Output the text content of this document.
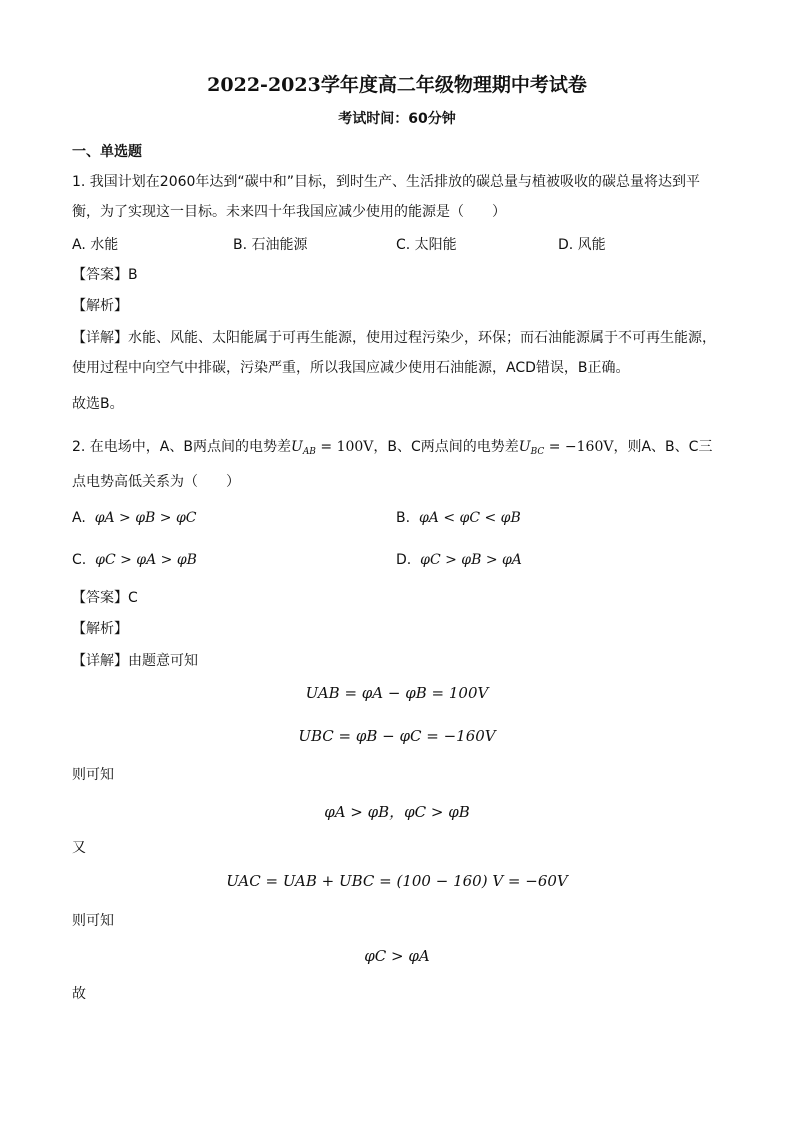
2022-2023学年度高二年级物理期中考试卷
考试时间：60分钟
一、单选题
1. 我国计划在2060年达到“碳中和”目标，到时生产、生活排放的碳总量与植被吸收的碳总量将达到平
衡，为了实现这一目标。未来四十年我国应减少使用的能源是（　　）
A. 水能	B. 石油能源	C. 太阳能	D. 风能
【答案】B
【解析】
【详解】水能、风能、太阳能属于可再生能源，使用过程污染少，环保；而石油能源属于不可再生能源，
使用过程中向空气中排碳，污染严重，所以我国应减少使用石油能源，ACD错误，B正确。
故选B。
2. 在电场中，A、B两点间的电势差$U_{AB} = 100V$，B、C两点间的电势差$U_{BC} = -160V$，则A、B、C三
点电势高低关系为（　　）
A. φA > φB > φC	B. φA < φC < φB
C. φC > φA > φB	D. φC > φB > φA
【答案】C
【解析】
【详解】由题意可知
UAB = φA − φB = 100V
UBC = φB − φC = −160V
则可知
φA > φB，φC > φB
又
UAC = UAB + UBC = (100 − 160) V = −60V
则可知
φC > φA
故
